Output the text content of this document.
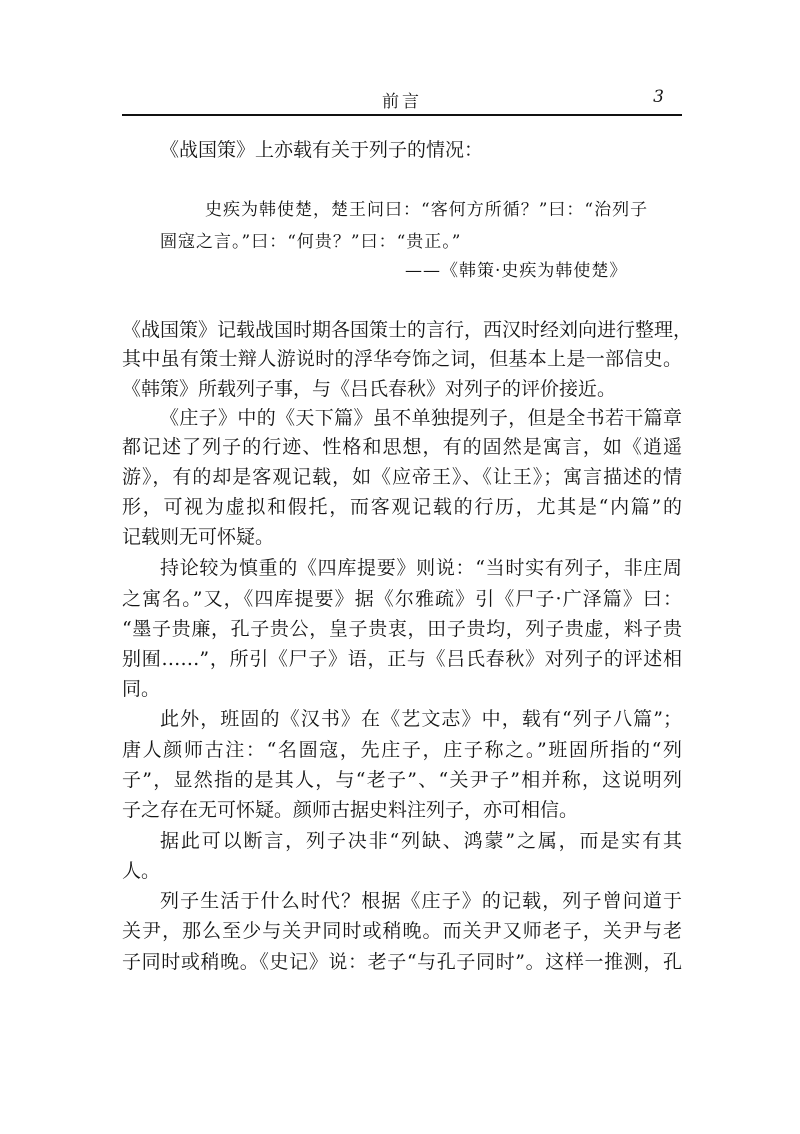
前言	3
《战国策》上亦载有关于列子的情况：
史疾为韩使楚，楚王问曰：“客何方所循？”曰：“治列子
圄寇之言。”曰：“何贵？”曰：“贵正。”
——《韩策·史疾为韩使楚》
《战国策》记载战国时期各国策士的言行，西汉时经刘向进行整理，
其中虽有策士辩人游说时的浮华夸饰之词，但基本上是一部信史。
《韩策》所载列子事，与《吕氏春秋》对列子的评价接近。
《庄子》中的《天下篇》虽不单独提列子，但是全书若干篇章
都记述了列子的行迹、性格和思想，有的固然是寓言，如《逍遥
游》，有的却是客观记载，如《应帝王》、《让王》；寓言描述的情
形，可视为虚拟和假托，而客观记载的行历，尤其是“内篇”的
记载则无可怀疑。
持论较为慎重的《四库提要》则说：“当时实有列子，非庄周
之寓名。”又，《四库提要》据《尔雅疏》引《尸子·广泽篇》曰：
“墨子贵廉，孔子贵公，皇子贵衷，田子贵均，列子贵虚，料子贵
别囿……”，所引《尸子》语，正与《吕氏春秋》对列子的评述相
同。
此外，班固的《汉书》在《艺文志》中，载有“列子八篇”；
唐人颜师古注：“名圄寇，先庄子，庄子称之。”班固所指的“列
子”，显然指的是其人，与“老子”、“关尹子”相并称，这说明列
子之存在无可怀疑。颜师古据史料注列子，亦可相信。
据此可以断言，列子决非“列缺、鸿蒙”之属，而是实有其
人。
列子生活于什么时代？根据《庄子》的记载，列子曾问道于
关尹，那么至少与关尹同时或稍晚。而关尹又师老子，关尹与老
子同时或稍晚。《史记》说：老子“与孔子同时”。这样一推测，孔
